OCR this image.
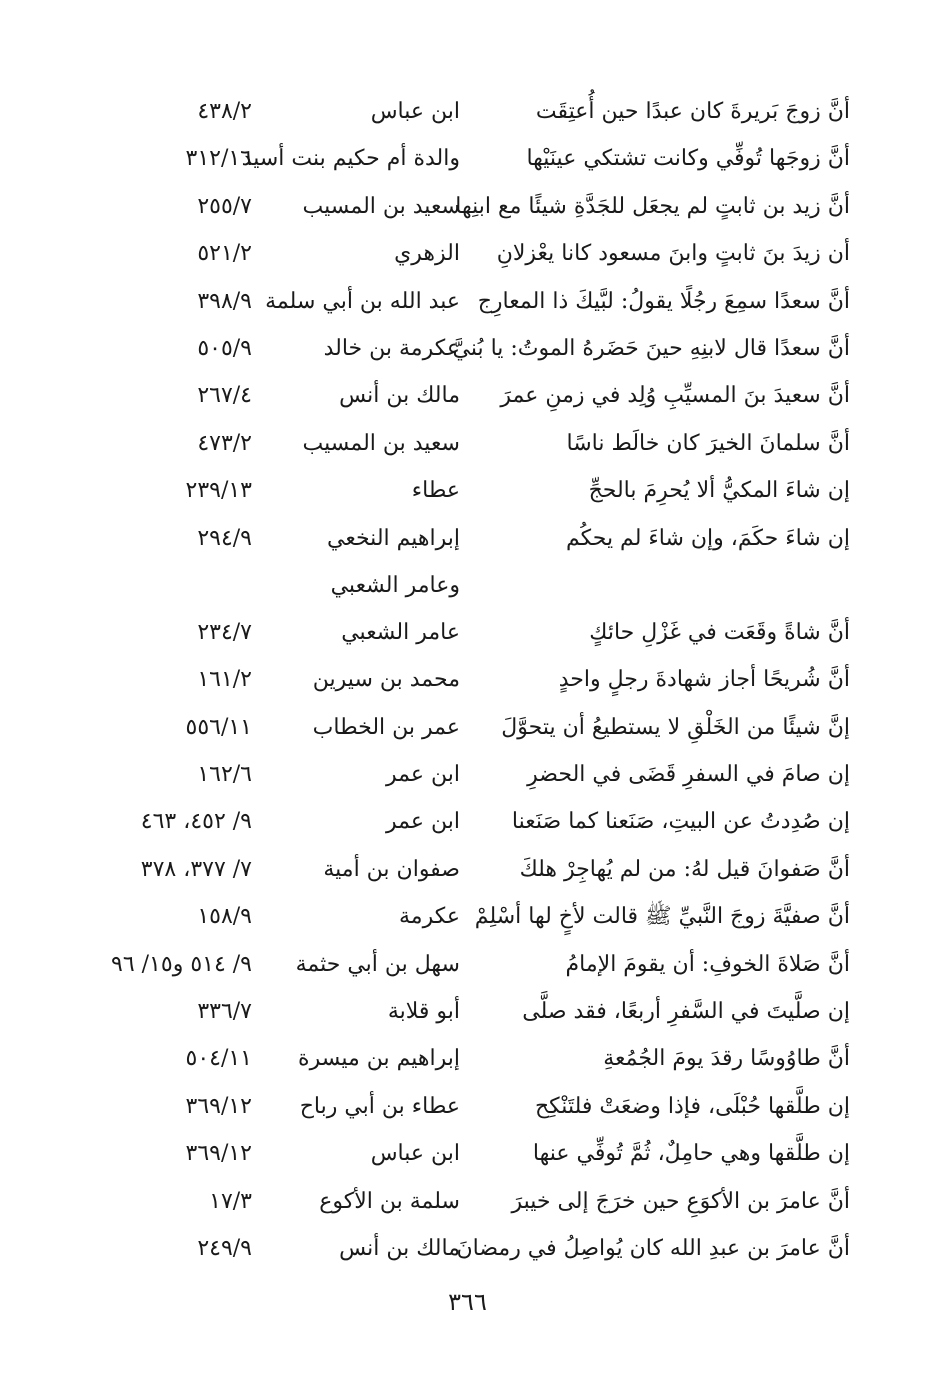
أنَّ زوجَ بَريرةَ كان عبدًا حين أُعتِقَت
ابن عباس
٤٣٨/٢
أنَّ زوجَها تُوفِّي وكانت تشتكي عينَيْها
والدة أم حكيم بنت أسيد
٣١٢/١٦
أنَّ زيد بن ثابتٍ لم يجعَل للجَدَّةِ شيئًا مع ابنِها
سعيد بن المسيب
٢٥٥/٧
أن زيدَ بنَ ثابتٍ وابنَ مسعود كانا يعْزلانِ
الزهري
٥٢١/٢
أنَّ سعدًا سمِعَ رجُلًا يقولُ: لبَّيكَ ذا المعارِج
عبد الله بن أبي سلمة
٣٩٨/٩
أنَّ سعدًا قال لابنِهِ حينَ حَضَرهُ الموتُ: يا بُنيَّ
عكرمة بن خالد
٥٠٥/٩
أنَّ سعيدَ بنَ المسيِّبِ وُلِد في زمنِ عمرَ
مالك بن أنس
٢٦٧/٤
أنَّ سلمانَ الخيرَ كان خالَط ناسًا
سعيد بن المسيب
٤٧٣/٢
إن شاءَ المكيُّ ألا يُحرِمَ بالحجِّ
عطاء
٢٣٩/١٣
إن شاءَ حكَمَ، وإن شاءَ لم يحكُم
إبراهيم النخعي
٢٩٤/٩
وعامر الشعبي
أنَّ شاةً وقَعَت في غَزْلِ حائكٍ
عامر الشعبي
٢٣٤/٧
أنَّ شُريحًا أجاز شهادةَ رجلٍ واحدٍ
محمد بن سيرين
١٦١/٢
إنَّ شيئًا من الخَلْقِ لا يستطيعُ أن يتحوَّلَ
عمر بن الخطاب
٥٥٦/١١
إن صامَ في السفرِ قَضَى في الحضرِ
ابن عمر
١٦٢/٦
إن صُدِدتُ عن البيتِ، صَنَعنا كما صَنَعنا
ابن عمر
٩/ ٤٥٢، ٤٦٣
أنَّ صَفوانَ قيل لهُ: من لم يُهاجِرْ هلكَ
صفوان بن أمية
٧/ ٣٧٧، ٣٧٨
أنَّ صفيَّةَ زوجَ النَّبيِّ ﷺ قالت لأخٍ لها أسْلِمْ
عكرمة
١٥٨/٩
أنَّ صَلاةَ الخوفِ: أن يقومَ الإمامُ
سهل بن أبي حثمة
٩/ ٥١٤ و١٥/ ٩٦
إن صلَّيتَ في السَّفرِ أربعًا، فقد صلَّى
أبو قلابة
٣٣٦/٧
أنَّ طاوُوسًا رقدَ يومَ الجُمُعةِ
إبراهيم بن ميسرة
٥٠٤/١١
إن طلَّقها حُبْلَى، فإذا وضعَتْ فلتَنْكِح
عطاء بن أبي رباح
٣٦٩/١٢
إن طلَّقها وهي حامِلٌ، ثُمَّ تُوفِّي عنها
ابن عباس
٣٦٩/١٢
أنَّ عامرَ بن الأكوَعِ حين خرَجَ إلى خيبرَ
سلمة بن الأكوع
١٧/٣
أنَّ عامرَ بن عبدِ الله كان يُواصِلُ في رمضانَ
مالك بن أنس
٢٤٩/٩
٣٦٦
